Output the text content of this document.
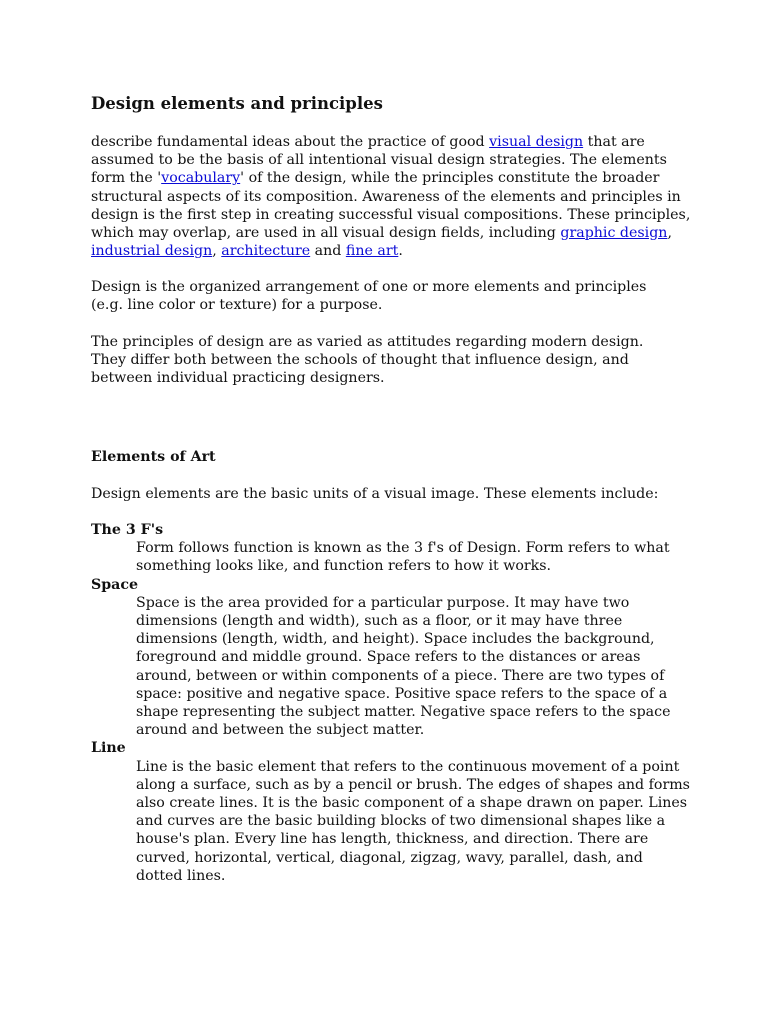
Design elements and principles

describe fundamental ideas about the practice of good visual design that are assumed to be the basis of all intentional visual design strategies. The elements form the 'vocabulary' of the design, while the principles constitute the broader structural aspects of its composition. Awareness of the elements and principles in design is the first step in creating successful visual compositions. These principles, which may overlap, are used in all visual design fields, including graphic design, industrial design, architecture and fine art.

Design is the organized arrangement of one or more elements and principles (e.g. line color or texture) for a purpose.

The principles of design are as varied as attitudes regarding modern design. They differ both between the schools of thought that influence design, and between individual practicing designers.

Elements of Art

Design elements are the basic units of a visual image. These elements include:

The 3 F's

Form follows function is known as the 3 f's of Design. Form refers to what something looks like, and function refers to how it works.

Space

Space is the area provided for a particular purpose. It may have two dimensions (length and width), such as a floor, or it may have three dimensions (length, width, and height). Space includes the background, foreground and middle ground. Space refers to the distances or areas around, between or within components of a piece. There are two types of space: positive and negative space. Positive space refers to the space of a shape representing the subject matter. Negative space refers to the space around and between the subject matter.

Line

Line is the basic element that refers to the continuous movement of a point along a surface, such as by a pencil or brush. The edges of shapes and forms also create lines. It is the basic component of a shape drawn on paper. Lines and curves are the basic building blocks of two dimensional shapes like a house's plan. Every line has length, thickness, and direction. There are curved, horizontal, vertical, diagonal, zigzag, wavy, parallel, dash, and dotted lines.
